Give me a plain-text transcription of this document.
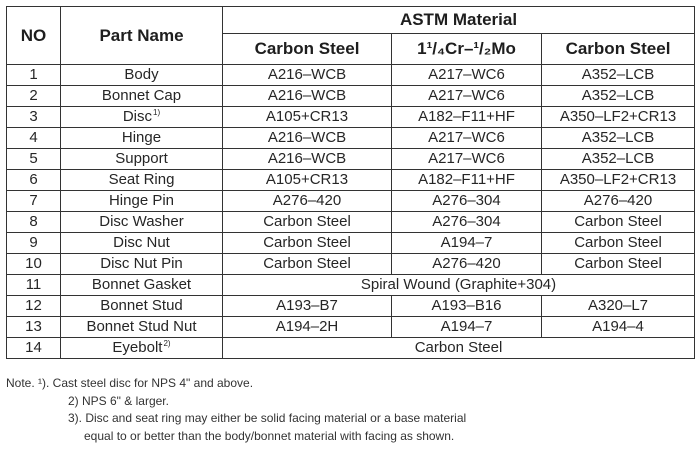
NO	Part Name	ASTM Material		
		Carbon Steel	1¹/₄Cr–¹/₂Mo	Carbon Steel
1	Body	A216–WCB	A217–WC6	A352–LCB
2	Bonnet Cap	A216–WCB	A217–WC6	A352–LCB
3	Disc$^{1)}$	A105+CR13	A182–F11+HF	A350–LF2+CR13
4	Hinge	A216–WCB	A217–WC6	A352–LCB
5	Support	A216–WCB	A217–WC6	A352–LCB
6	Seat Ring	A105+CR13	A182–F11+HF	A350–LF2+CR13
7	Hinge Pin	A276–420	A276–304	A276–420
8	Disc Washer	Carbon Steel	A276–304	Carbon Steel
9	Disc Nut	Carbon Steel	A194–7	Carbon Steel
10	Disc Nut Pin	Carbon Steel	A276–420	Carbon Steel
11	Bonnet Gasket	Spiral Wound (Graphite+304)		
12	Bonnet Stud	A193–B7	A193–B16	A320–L7
13	Bonnet Stud Nut	A194–2H	A194–7	A194–4
14	Eyebolt$^{2)}$	Carbon Steel		
Note. ¹). Cast steel disc for NPS 4" and above.
2) NPS 6" & larger.
3). Disc and seat ring may either be solid facing material or a base material
equal to or better than the body/bonnet material with facing as shown.
